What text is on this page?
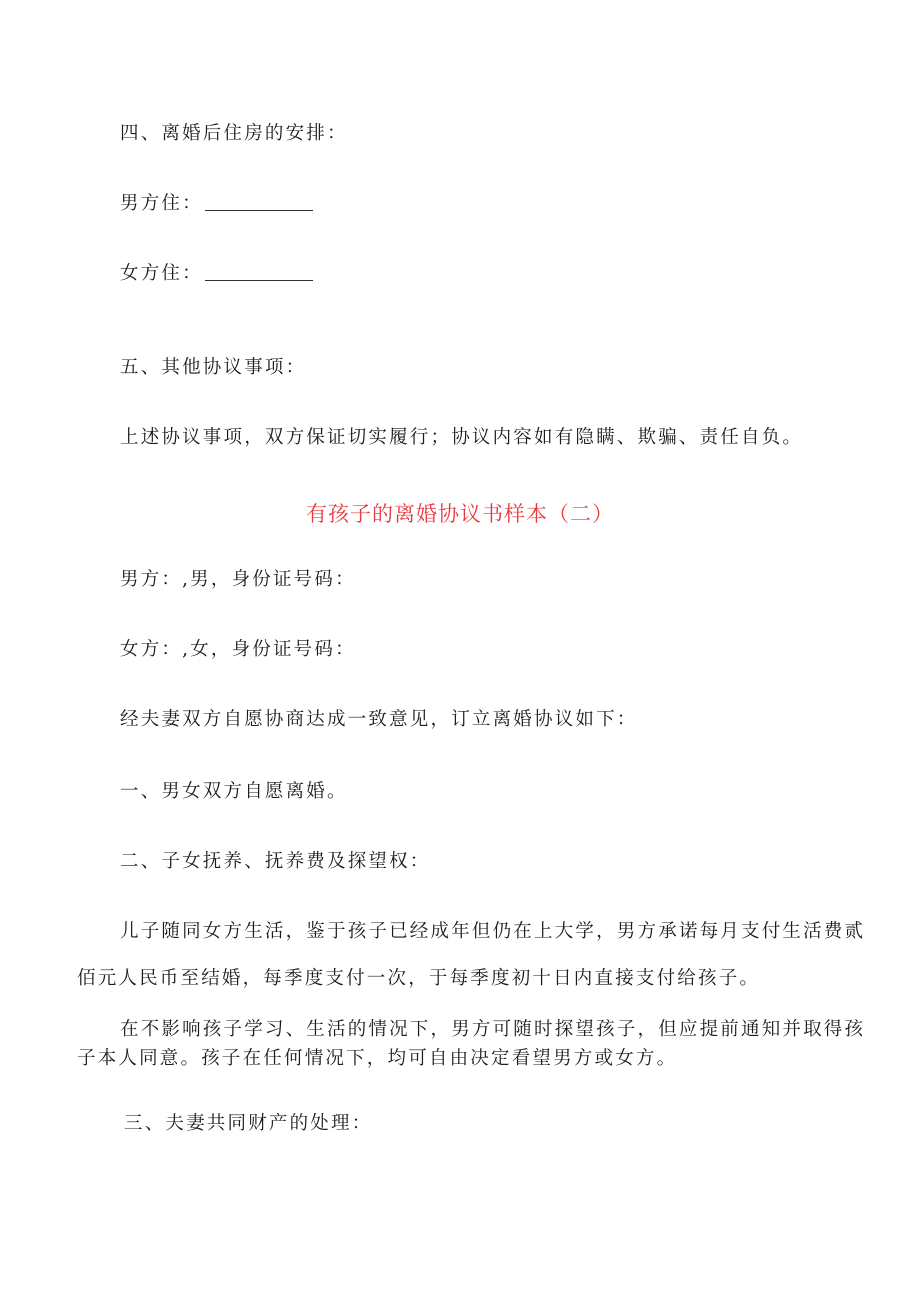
四、离婚后住房的安排：
男方住：
女方住：
五、其他协议事项：
上述协议事项，双方保证切实履行；协议内容如有隐瞒、欺骗、责任自负。
有孩子的离婚协议书样本（二）
男方：,男，身份证号码：
女方：,女，身份证号码：
经夫妻双方自愿协商达成一致意见，订立离婚协议如下：
一、男女双方自愿离婚。
二、子女抚养、抚养费及探望权：
儿子随同女方生活，鉴于孩子已经成年但仍在上大学，男方承诺每月支付生活费贰
佰元人民币至结婚，每季度支付一次，于每季度初十日内直接支付给孩子。
在不影响孩子学习、生活的情况下，男方可随时探望孩子，但应提前通知并取得孩
子本人同意。孩子在任何情况下，均可自由决定看望男方或女方。
三、夫妻共同财产的处理：
